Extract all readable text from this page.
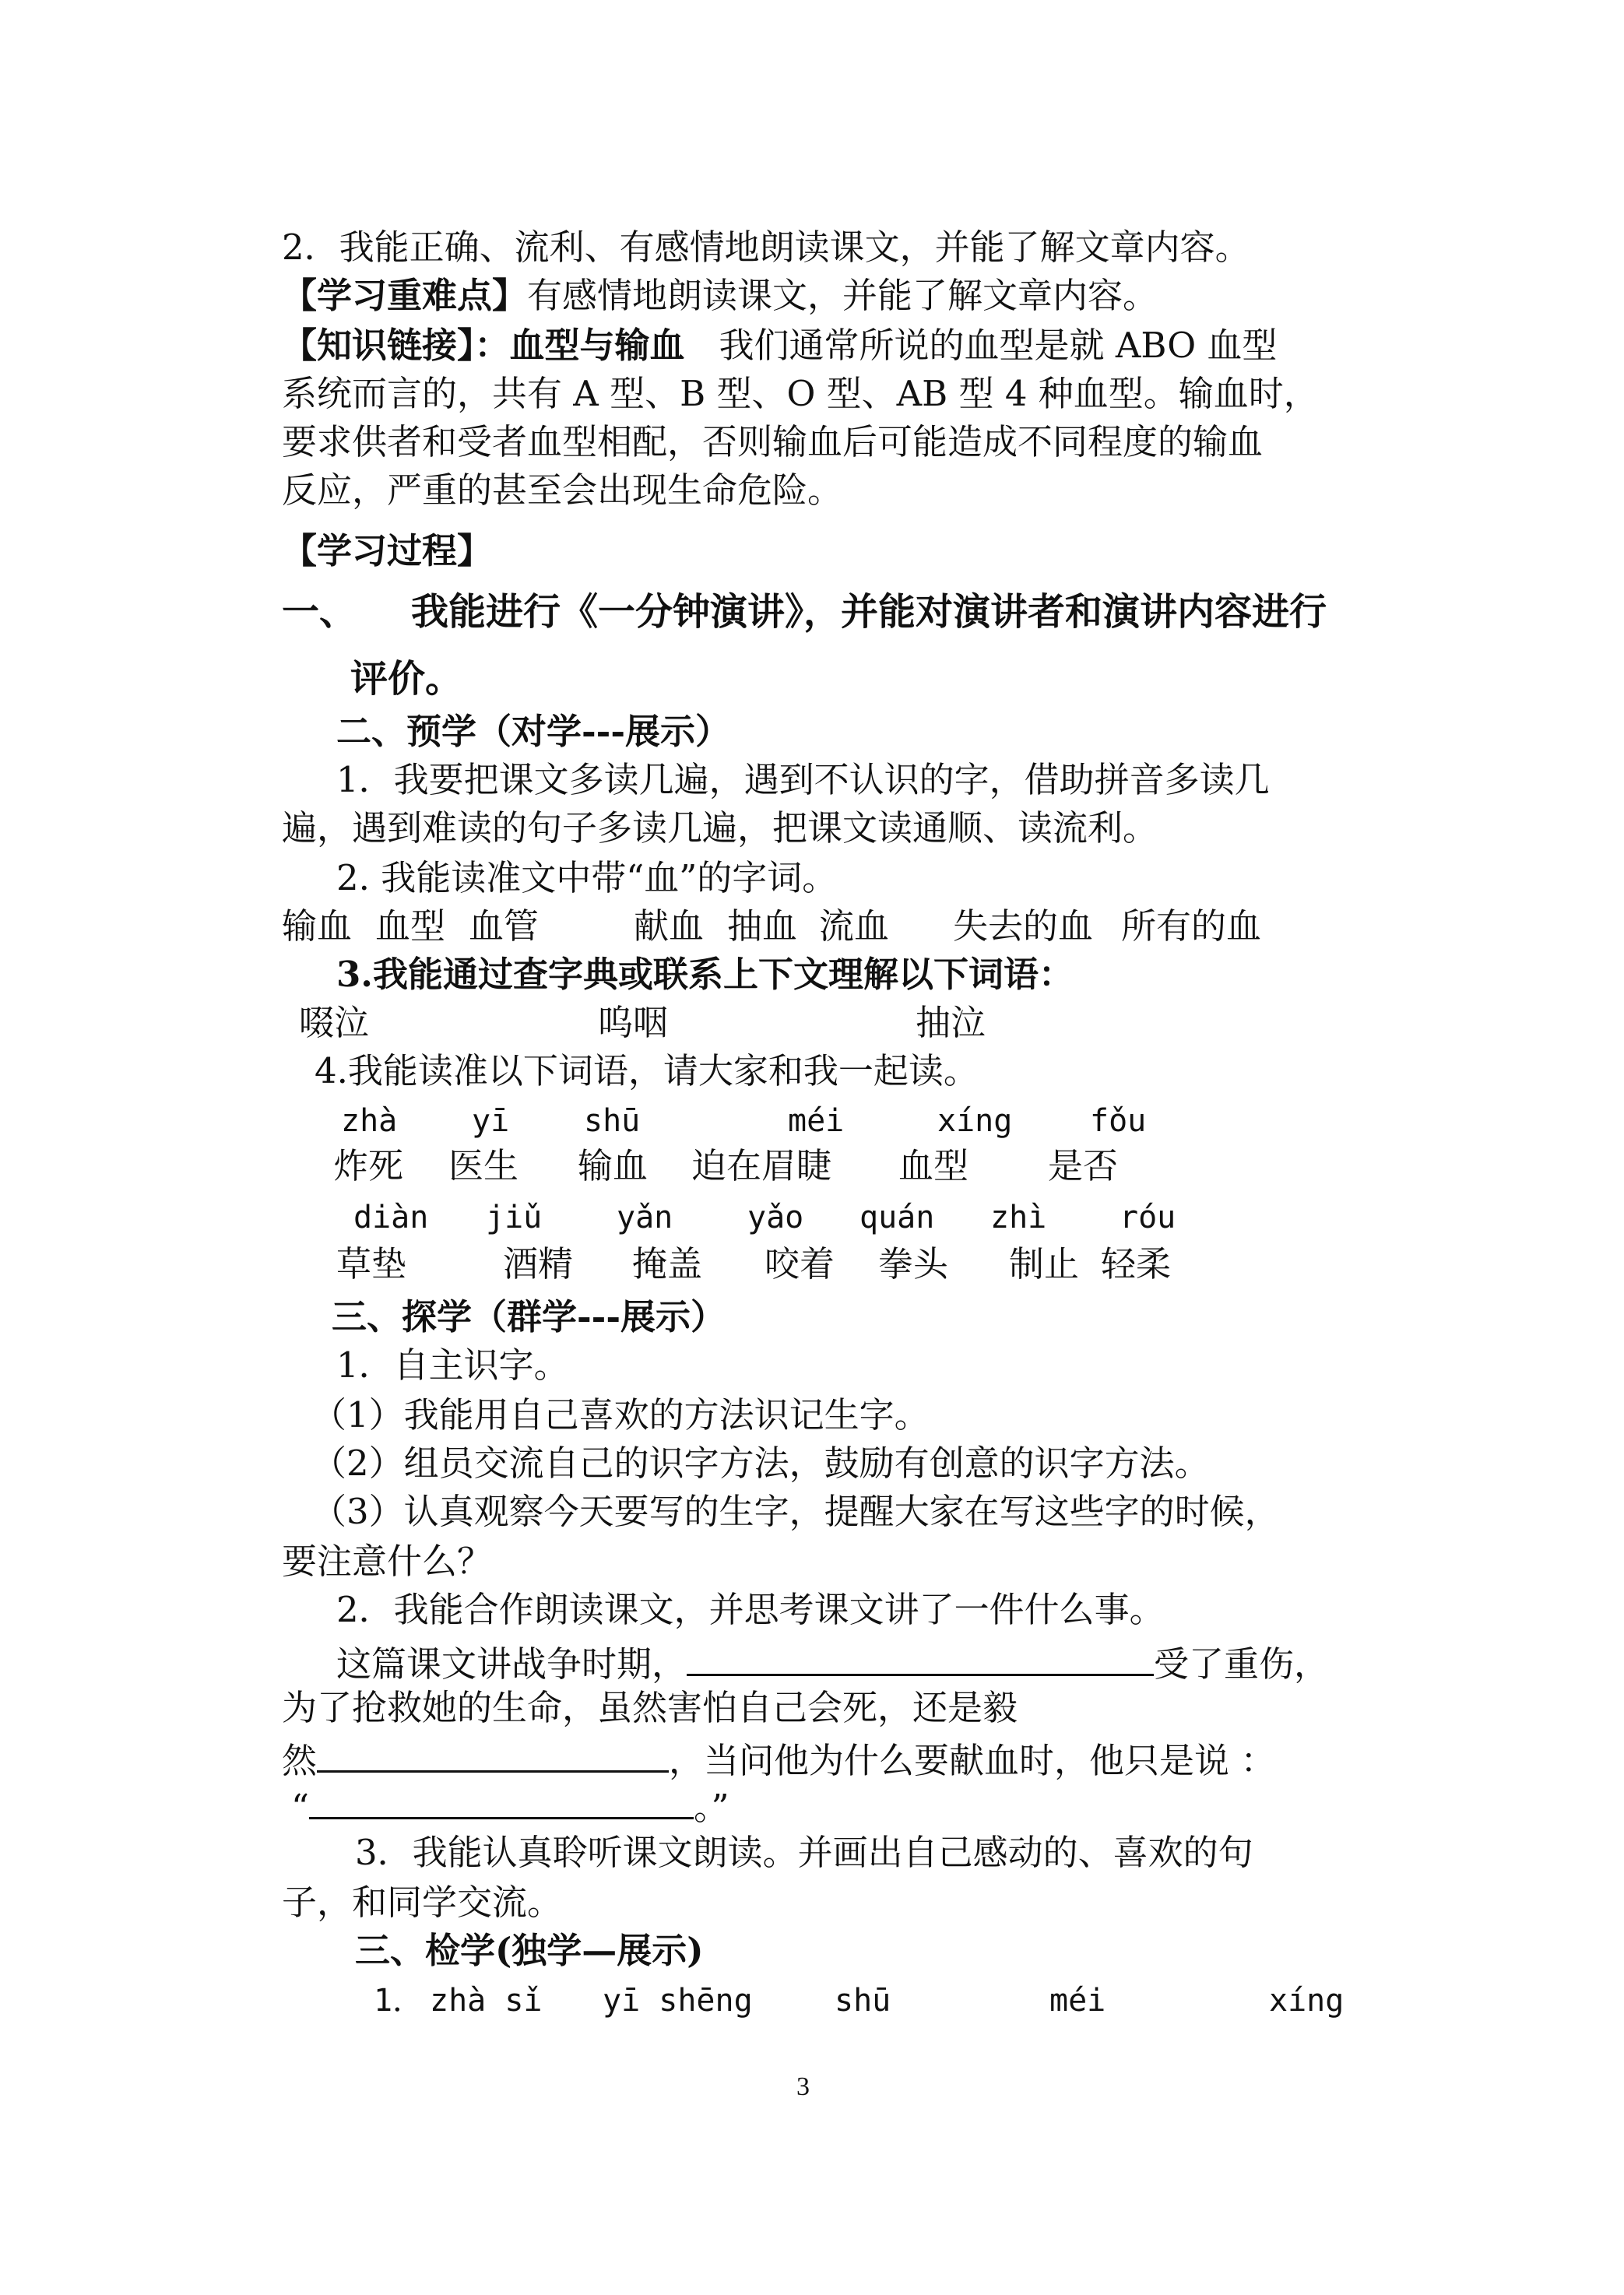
2．我能正确、流利、有感情地朗读课文，并能了解文章内容。
【学习重难点】有感情地朗读课文，并能了解文章内容。
【知识链接】：血型与输血 我们通常所说的血型是就 ABO 血型
系统而言的，共有 A 型、B 型、O 型、AB 型 4 种血型。输血时，
要求供者和受者血型相配，否则输血后可能造成不同程度的输血
反应，严重的甚至会出现生命危险。
【学习过程】
一、 我能进行《一分钟演讲》，并能对演讲者和演讲内容进行
评价。
二、预学（对学---展示）
1．我要把课文多读几遍，遇到不认识的字，借助拼音多读几
遍，遇到难读的句子多读几遍，把课文读通顺、读流利。
2. 我能读准文中带“血”的字词。
输血 血型 血管	献血 抽血 流血 失去的血 所有的血
3.我能通过查字典或联系上下文理解以下词语：
啜泣	呜咽	抽泣
4.我能读准以下词语，请大家和我一起读。
zhà yī shū	méi	xíng fǒu
炸死 医生 输血 迫在眉睫 血型 是否
diàn jiǔ yǎn yǎo quán zhì róu
草垫	酒精 掩盖 咬着 拳头 制止 轻柔
三、探学（群学---展示）
1．自主识字。
（1）我能用自己喜欢的方法识记生字。
（2）组员交流自己的识字方法，鼓励有创意的识字方法。
（3）认真观察今天要写的生字，提醒大家在写这些字的时候，
要注意什么？
2．我能合作朗读课文，并思考课文讲了一件什么事。
这篇课文讲战争时期，	受了重伤，
为了抢救她的生命，虽然害怕自己会死，还是毅
然	，当问他为什么要献血时，他只是说 ：
“	。”
3．我能认真聆听课文朗读。并画出自己感动的、喜欢的句
子，和同学交流。
三、检学(独学—展示)
1． zhà sǐ yī shēng	shū	méi	xíng
3
